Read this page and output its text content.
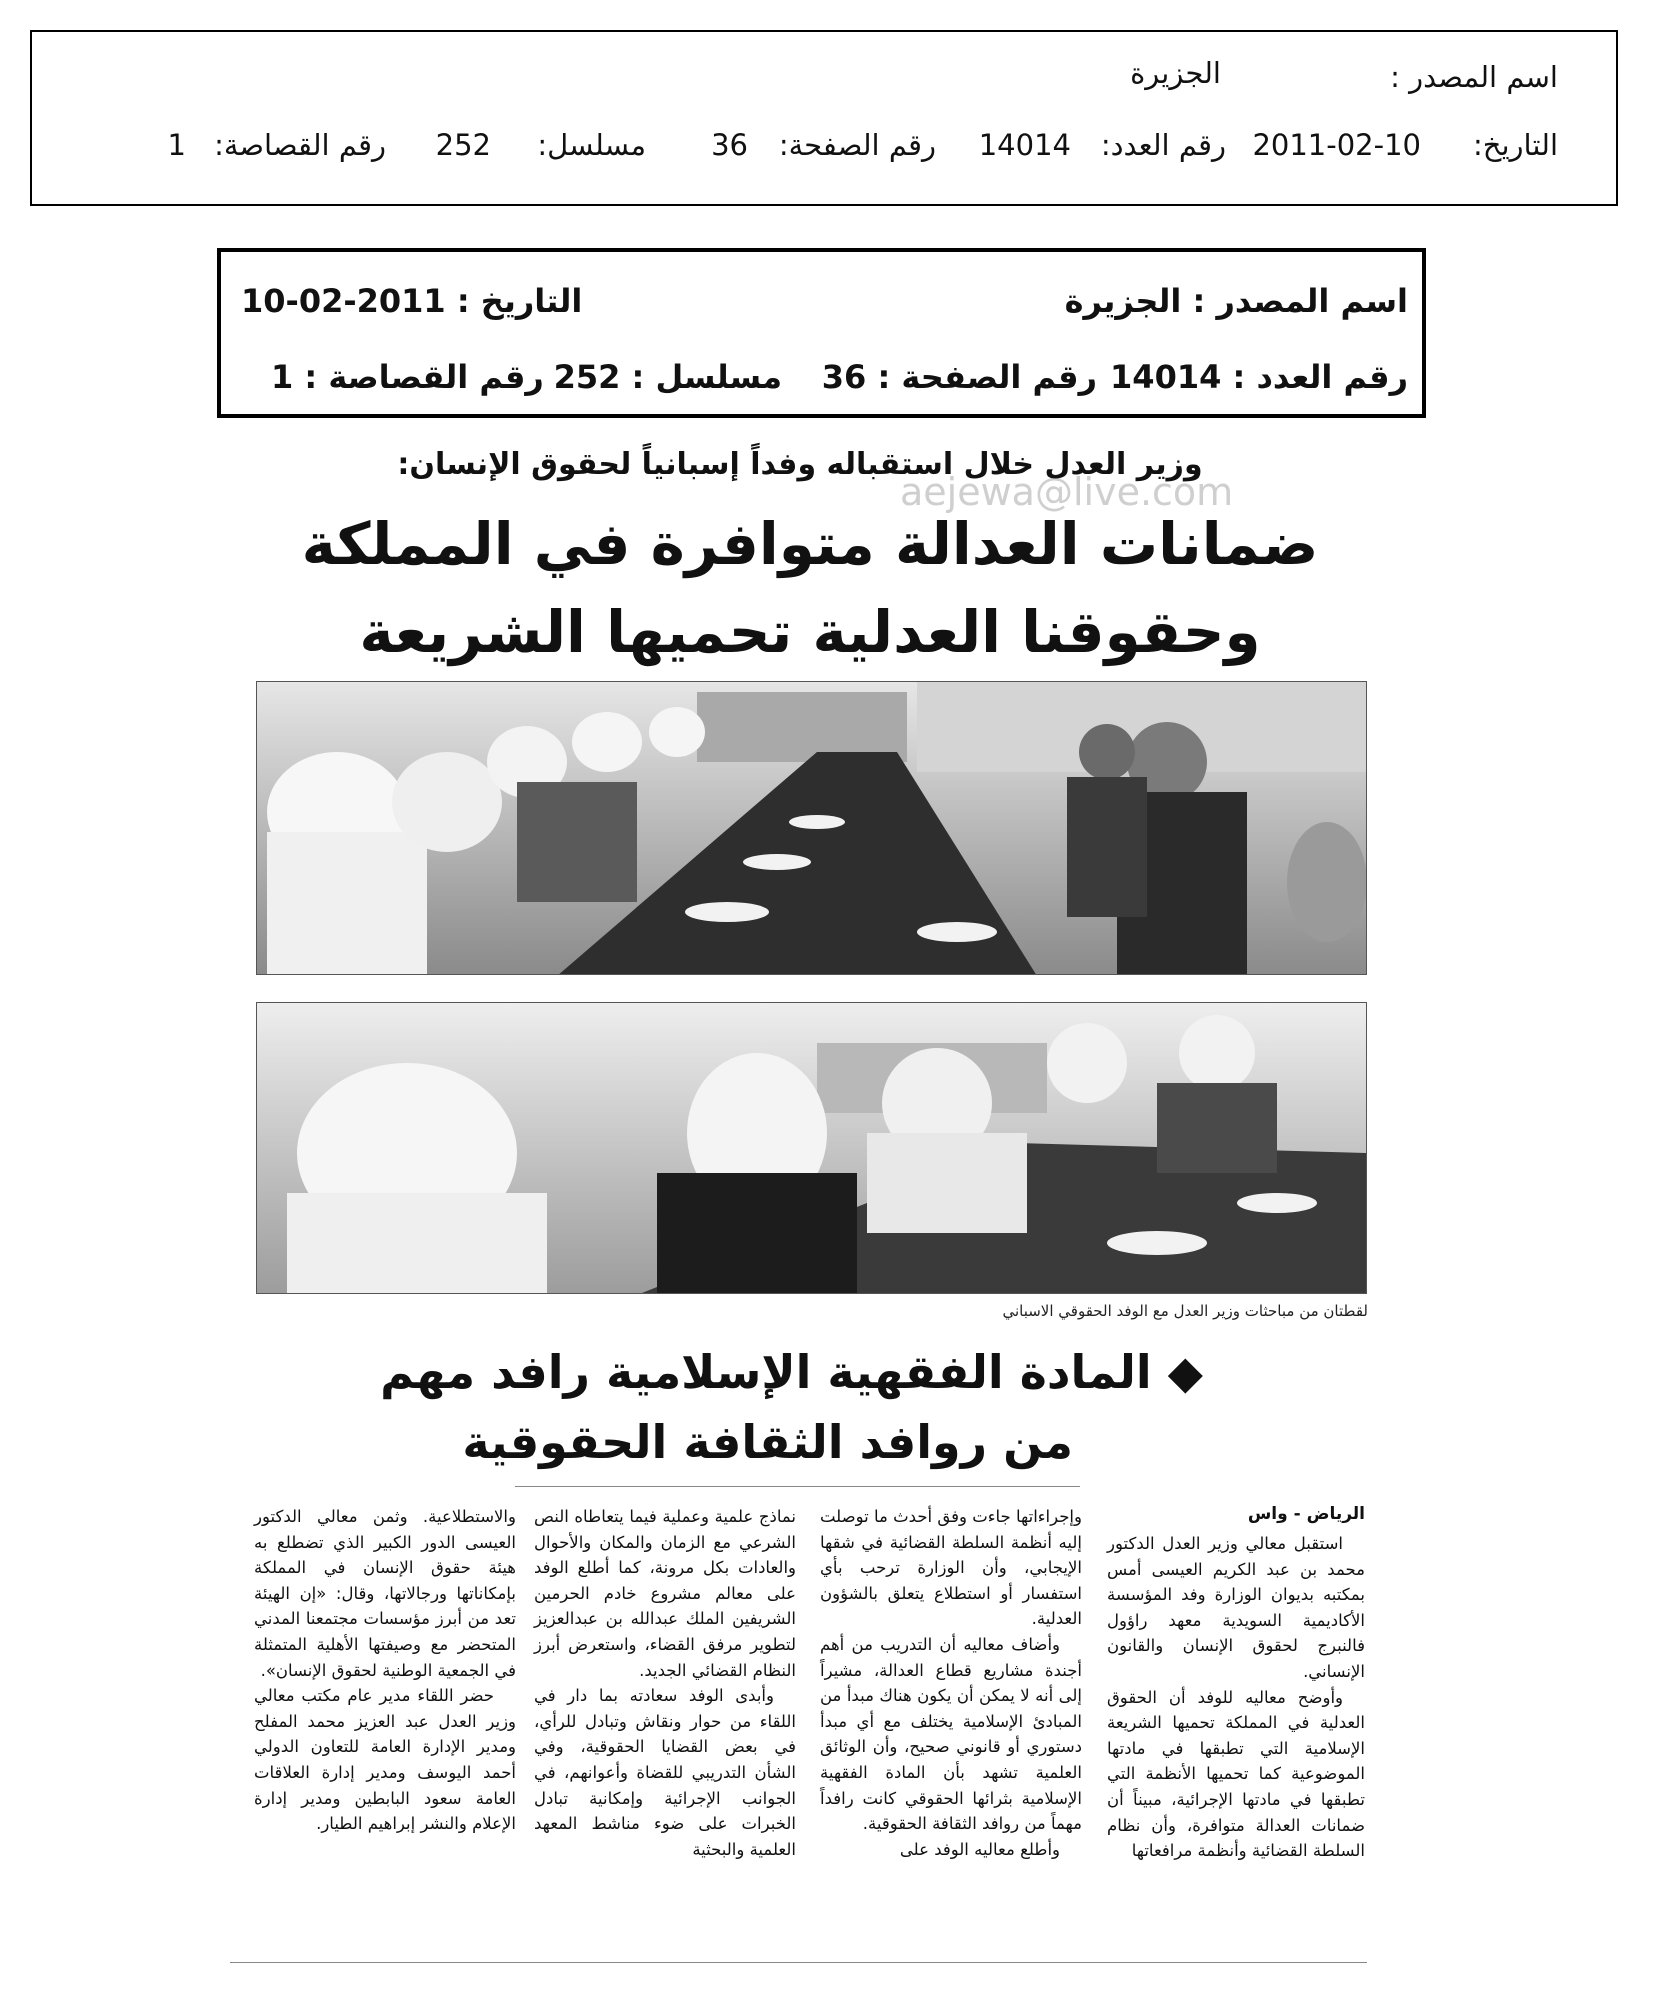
اسم المصدر :
الجزيرة
التاريخ:
2011-02-10
رقم العدد:
14014
رقم الصفحة:
36
مسلسل:
252
رقم القصاصة:
1
اسم المصدر : الجزيرة
التاريخ : 2011-02-10
رقم العدد : 14014
رقم الصفحة : 36
مسلسل : 252
رقم القصاصة : 1
aejewa@live.com
وزير العدل خلال استقباله وفداً إسبانياً لحقوق الإنسان:
ضمانات العدالة متوافرة في المملكة
وحقوقنا العدلية تحميها الشريعة
لقطتان من مباحثات وزير العدل مع الوفد الحقوقي الاسباني
◆ المادة الفقهية الإسلامية رافد مهم
من روافد الثقافة الحقوقية
الرياض - واس

استقبل معالي وزير العدل الدكتور محمد بن عبد الكريم العيسى أمس بمكتبه بديوان الوزارة وفد المؤسسة الأكاديمية السويدية معهد راؤول فالنبرج لحقوق الإنسان والقانون الإنساني.

وأوضح معاليه للوفد أن الحقوق العدلية في المملكة تحميها الشريعة الإسلامية التي تطبقها في مادتها الموضوعية كما تحميها الأنظمة التي تطبقها في مادتها الإجرائية، مبيناً أن ضمانات العدالة متوافرة، وأن نظام السلطة القضائية وأنظمة مرافعاتها

وإجراءاتها جاءت وفق أحدث ما توصلت إليه أنظمة السلطة القضائية في شقها الإيجابي، وأن الوزارة ترحب بأي استفسار أو استطلاع يتعلق بالشؤون العدلية.

وأضاف معاليه أن التدريب من أهم أجندة مشاريع قطاع العدالة، مشيراً إلى أنه لا يمكن أن يكون هناك مبدأ من المبادئ الإسلامية يختلف مع أي مبدأ دستوري أو قانوني صحيح، وأن الوثائق العلمية تشهد بأن المادة الفقهية الإسلامية بثرائها الحقوقي كانت رافداً مهماً من روافد الثقافة الحقوقية.

وأطلع معاليه الوفد على

نماذج علمية وعملية فيما يتعاطاه النص الشرعي مع الزمان والمكان والأحوال والعادات بكل مرونة، كما أطلع الوفد على معالم مشروع خادم الحرمين الشريفين الملك عبدالله بن عبدالعزيز لتطوير مرفق القضاء، واستعرض أبرز النظام القضائي الجديد.

وأبدى الوفد سعادته بما دار في اللقاء من حوار ونقاش وتبادل للرأي، في بعض القضايا الحقوقية، وفي الشأن التدريبي للقضاة وأعوانهم، في الجوانب الإجرائية وإمكانية تبادل الخبرات على ضوء مناشط المعهد العلمية والبحثية

والاستطلاعية. وثمن معالي الدكتور العيسى الدور الكبير الذي تضطلع به هيئة حقوق الإنسان في المملكة بإمكاناتها ورجالاتها، وقال: «إن الهيئة تعد من أبرز مؤسسات مجتمعنا المدني المتحضر مع وصيفتها الأهلية المتمثلة في الجمعية الوطنية لحقوق الإنسان».

حضر اللقاء مدير عام مكتب معالي وزير العدل عبد العزيز محمد المفلح ومدير الإدارة العامة للتعاون الدولي أحمد اليوسف ومدير إدارة العلاقات العامة سعود البابطين ومدير إدارة الإعلام والنشر إبراهيم الطيار.
